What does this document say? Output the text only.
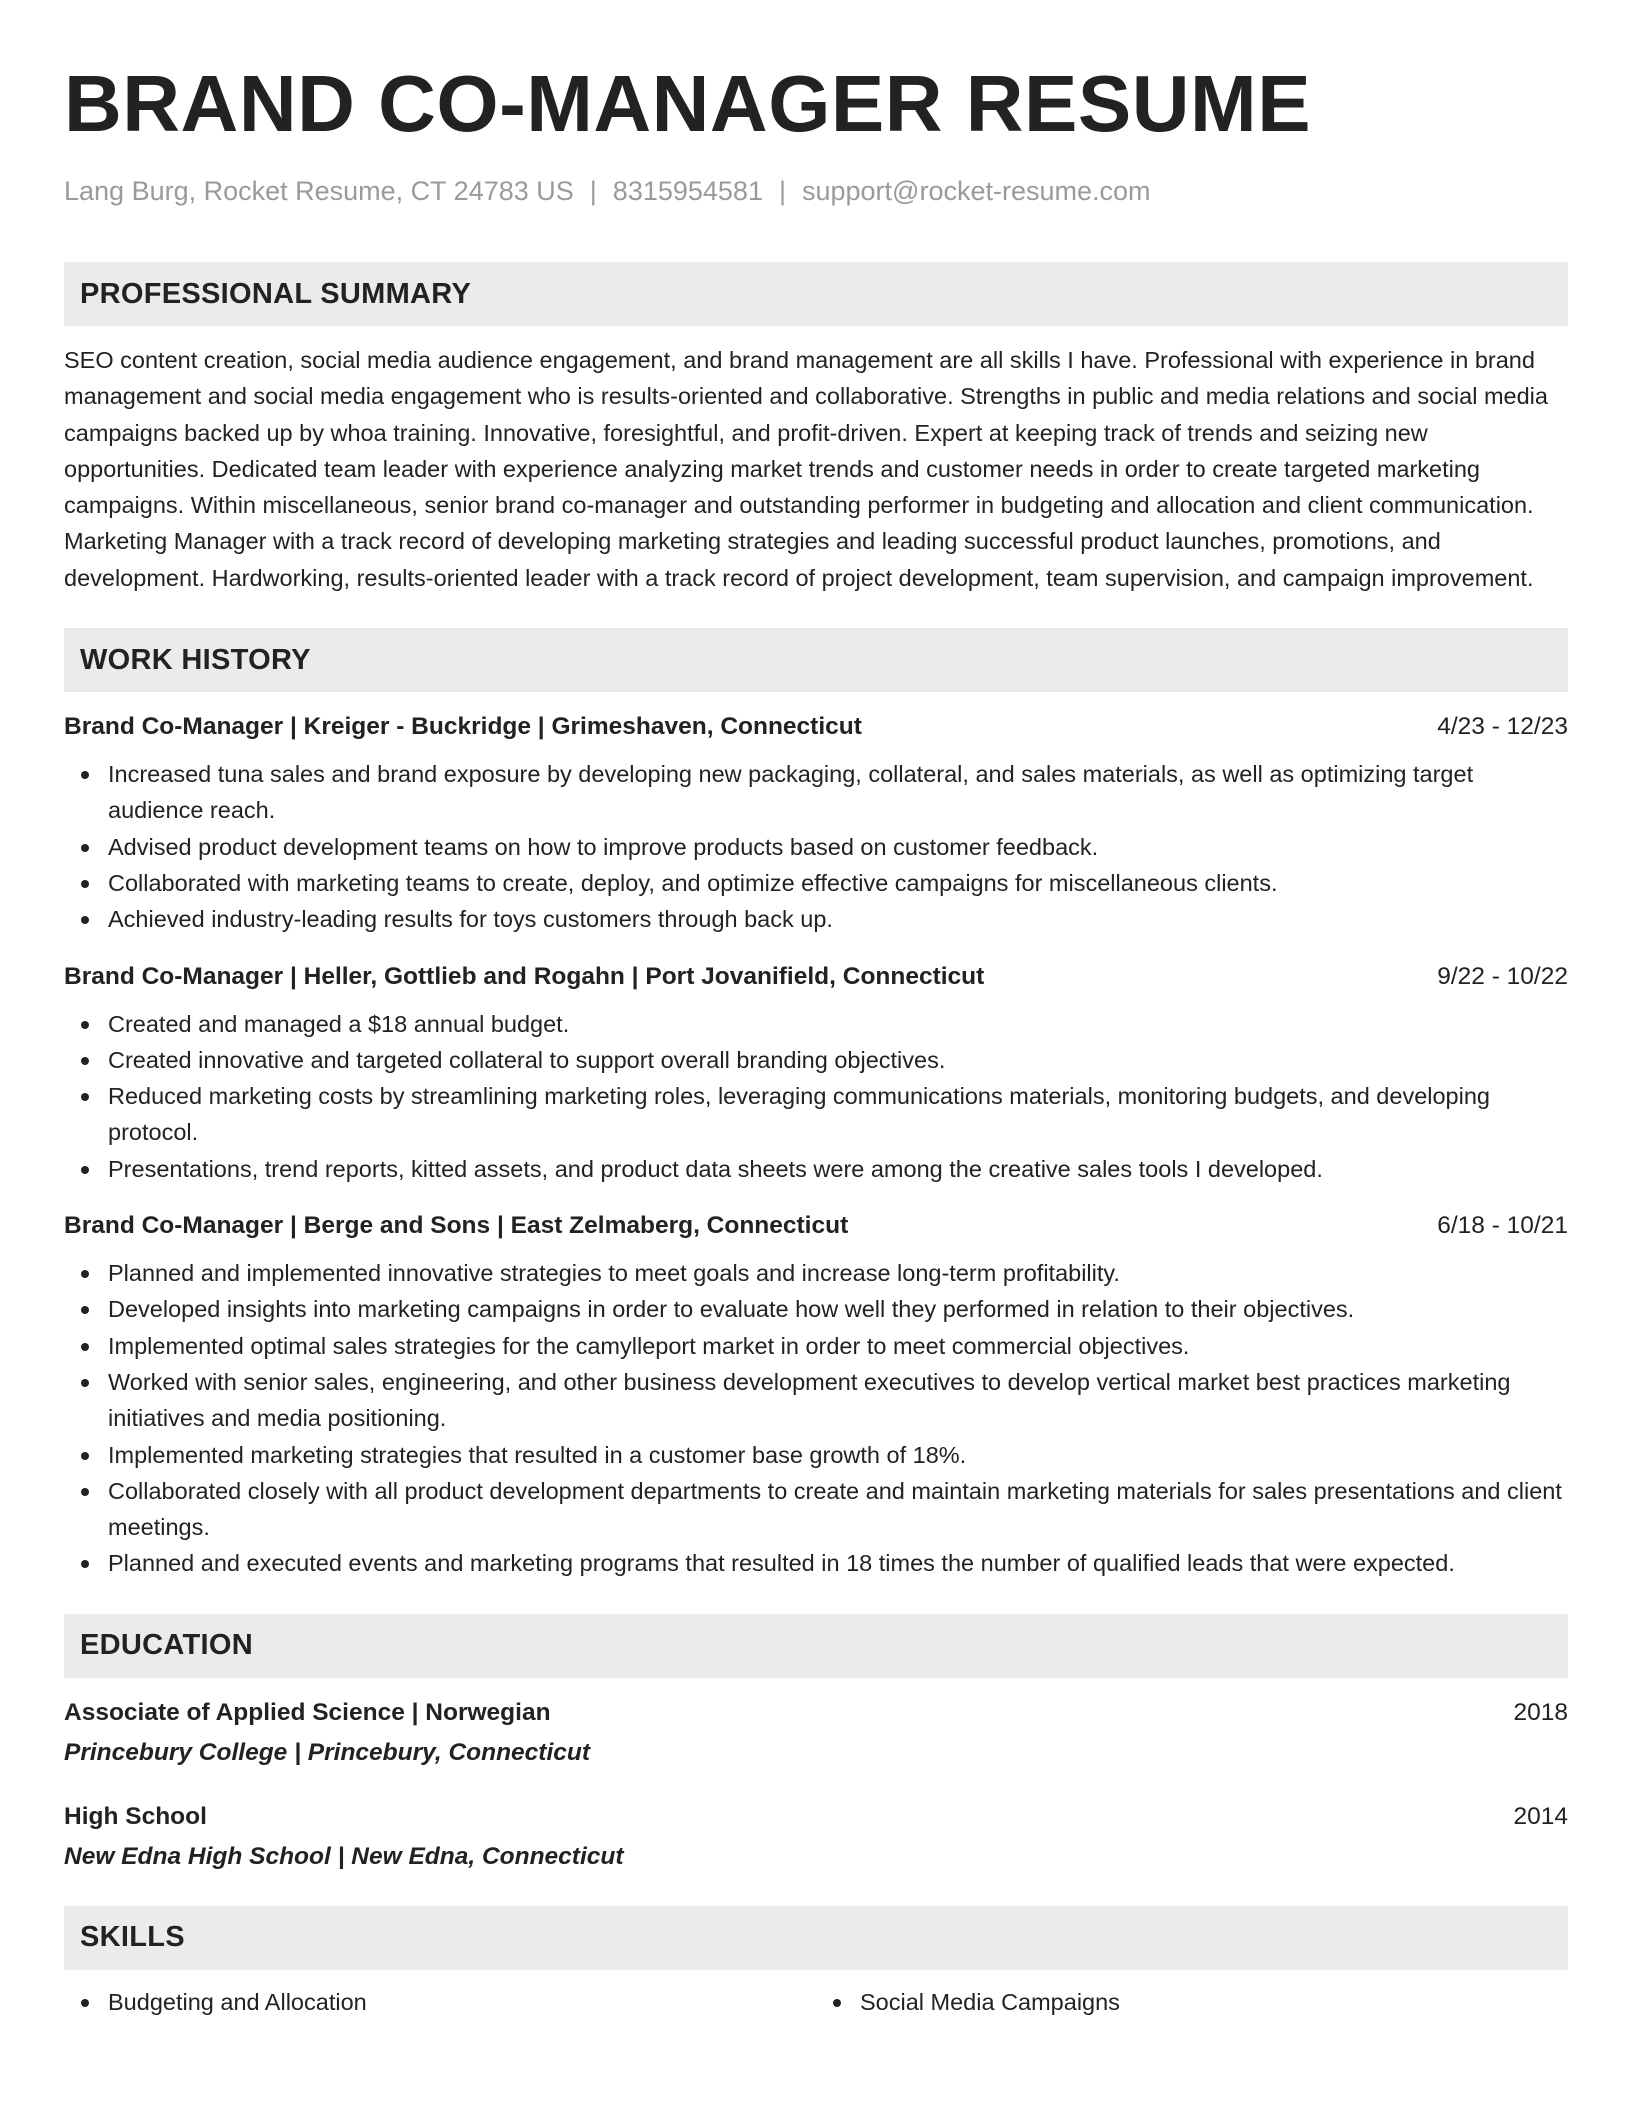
BRAND CO-MANAGER RESUME
Lang Burg, Rocket Resume, CT 24783 US | 8315954581 | support@rocket-resume.com
PROFESSIONAL SUMMARY

SEO content creation, social media audience engagement, and brand management are all skills I have. Professional with experience in brand management and social media engagement who is results-oriented and collaborative. Strengths in public and media relations and social media campaigns backed up by whoa training. Innovative, foresightful, and profit-driven. Expert at keeping track of trends and seizing new opportunities. Dedicated team leader with experience analyzing market trends and customer needs in order to create targeted marketing campaigns. Within miscellaneous, senior brand co-manager and outstanding performer in budgeting and allocation and client communication. Marketing Manager with a track record of developing marketing strategies and leading successful product launches, promotions, and development. Hardworking, results-oriented leader with a track record of project development, team supervision, and campaign improvement.

WORK HISTORY
Brand Co-Manager | Kreiger - Buckridge | Grimeshaven, Connecticut	4/23 - 12/23
Increased tuna sales and brand exposure by developing new packaging, collateral, and sales materials, as well as optimizing target audience reach.
Advised product development teams on how to improve products based on customer feedback.
Collaborated with marketing teams to create, deploy, and optimize effective campaigns for miscellaneous clients.
Achieved industry-leading results for toys customers through back up.
Brand Co-Manager | Heller, Gottlieb and Rogahn | Port Jovanifield, Connecticut	9/22 - 10/22
Created and managed a $18 annual budget.
Created innovative and targeted collateral to support overall branding objectives.
Reduced marketing costs by streamlining marketing roles, leveraging communications materials, monitoring budgets, and developing protocol.
Presentations, trend reports, kitted assets, and product data sheets were among the creative sales tools I developed.
Brand Co-Manager | Berge and Sons | East Zelmaberg, Connecticut	6/18 - 10/21
Planned and implemented innovative strategies to meet goals and increase long-term profitability.
Developed insights into marketing campaigns in order to evaluate how well they performed in relation to their objectives.
Implemented optimal sales strategies for the camylleport market in order to meet commercial objectives.
Worked with senior sales, engineering, and other business development executives to develop vertical market best practices marketing initiatives and media positioning.
Implemented marketing strategies that resulted in a customer base growth of 18%.
Collaborated closely with all product development departments to create and maintain marketing materials for sales presentations and client meetings.
Planned and executed events and marketing programs that resulted in 18 times the number of qualified leads that were expected.
EDUCATION
Associate of Applied Science | Norwegian	2018
Princebury College | Princebury, Connecticut
High School	2014
New Edna High School | New Edna, Connecticut
SKILLS
Budgeting and Allocation	Social Media Campaigns
